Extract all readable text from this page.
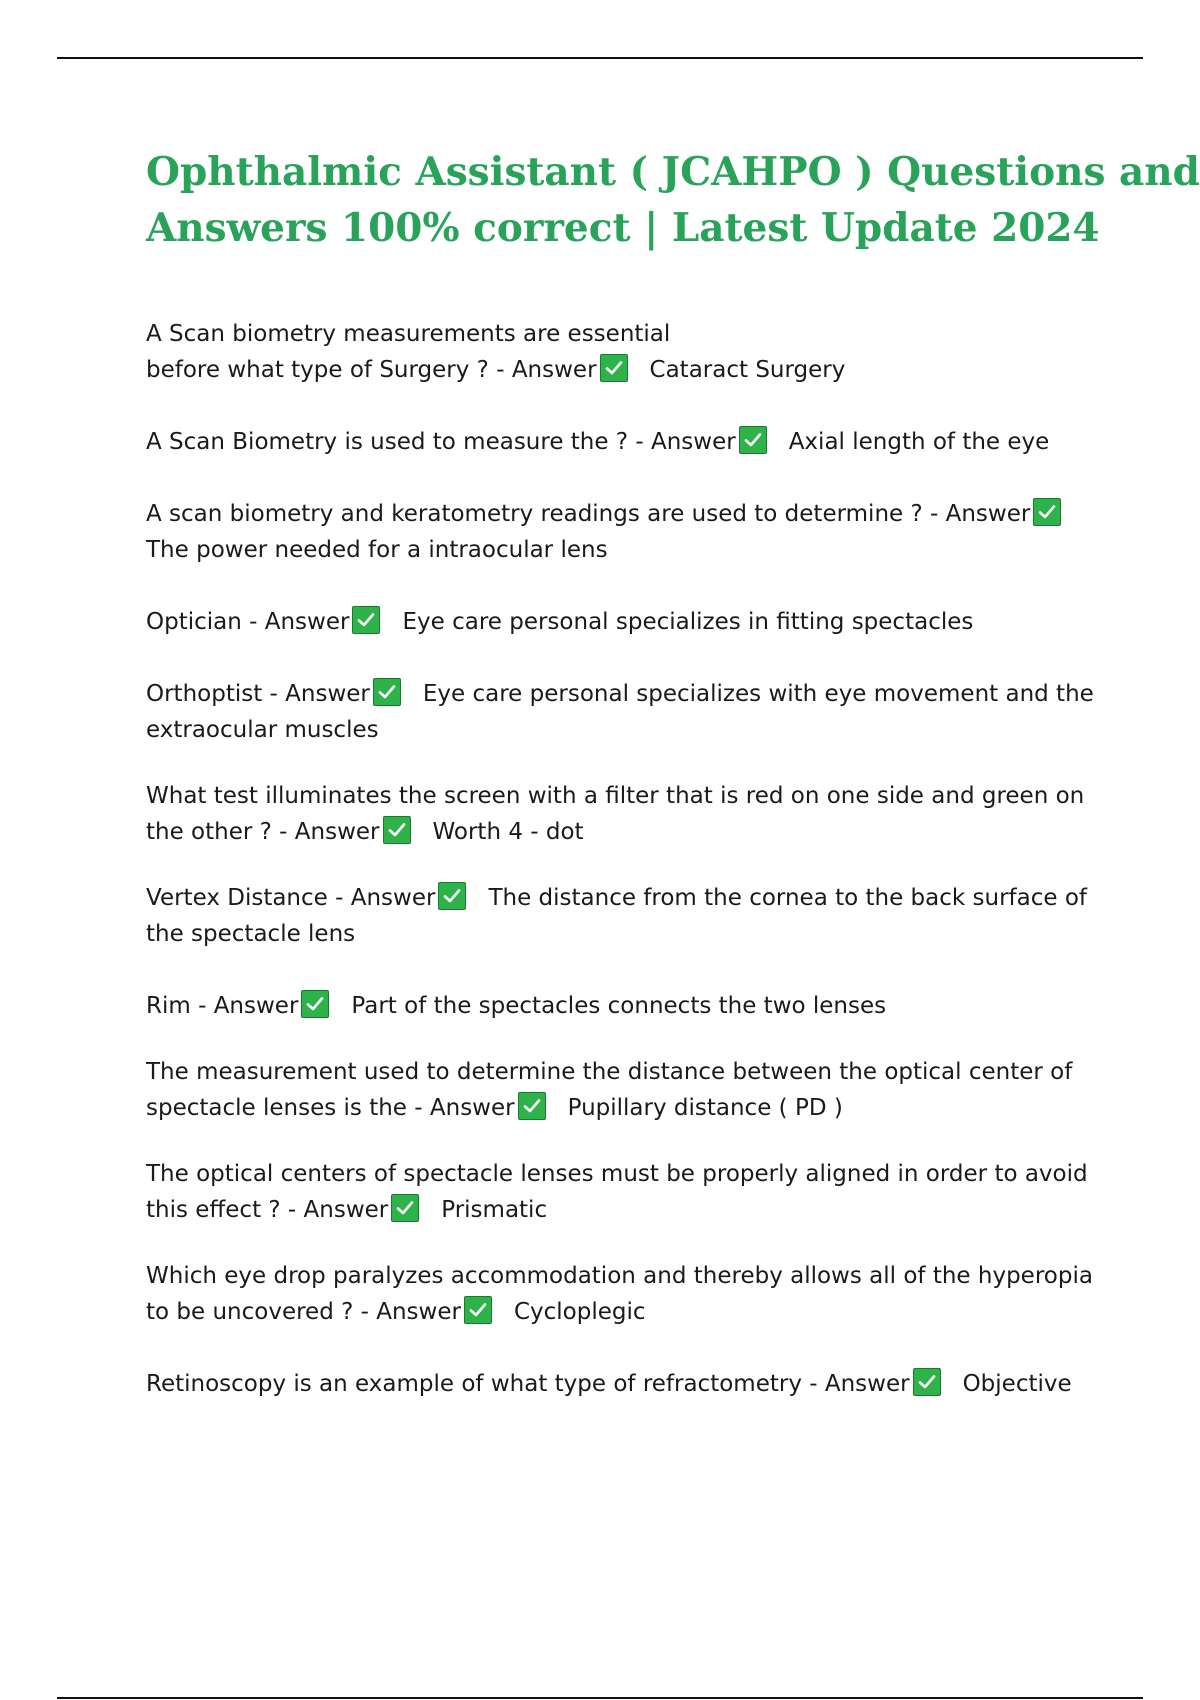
Ophthalmic Assistant ( JCAHPO ) Questions and
Answers 100% correct | Latest Update 2024
A Scan biometry measurements are essential
before what type of Surgery ? - Answer Cataract Surgery
A Scan Biometry is used to measure the ? - Answer Axial length of the eye
A scan biometry and keratometry readings are used to determine ? - Answer
The power needed for a intraocular lens
Optician - Answer Eye care personal specializes in fitting spectacles
Orthoptist - Answer Eye care personal specializes with eye movement and the
extraocular muscles
What test illuminates the screen with a filter that is red on one side and green on
the other ? - Answer Worth 4 - dot
Vertex Distance - Answer The distance from the cornea to the back surface of
the spectacle lens
Rim - Answer Part of the spectacles connects the two lenses
The measurement used to determine the distance between the optical center of
spectacle lenses is the - Answer Pupillary distance ( PD )
The optical centers of spectacle lenses must be properly aligned in order to avoid
this effect ? - Answer Prismatic
Which eye drop paralyzes accommodation and thereby allows all of the hyperopia
to be uncovered ? - Answer Cycloplegic
Retinoscopy is an example of what type of refractometry - Answer Objective
